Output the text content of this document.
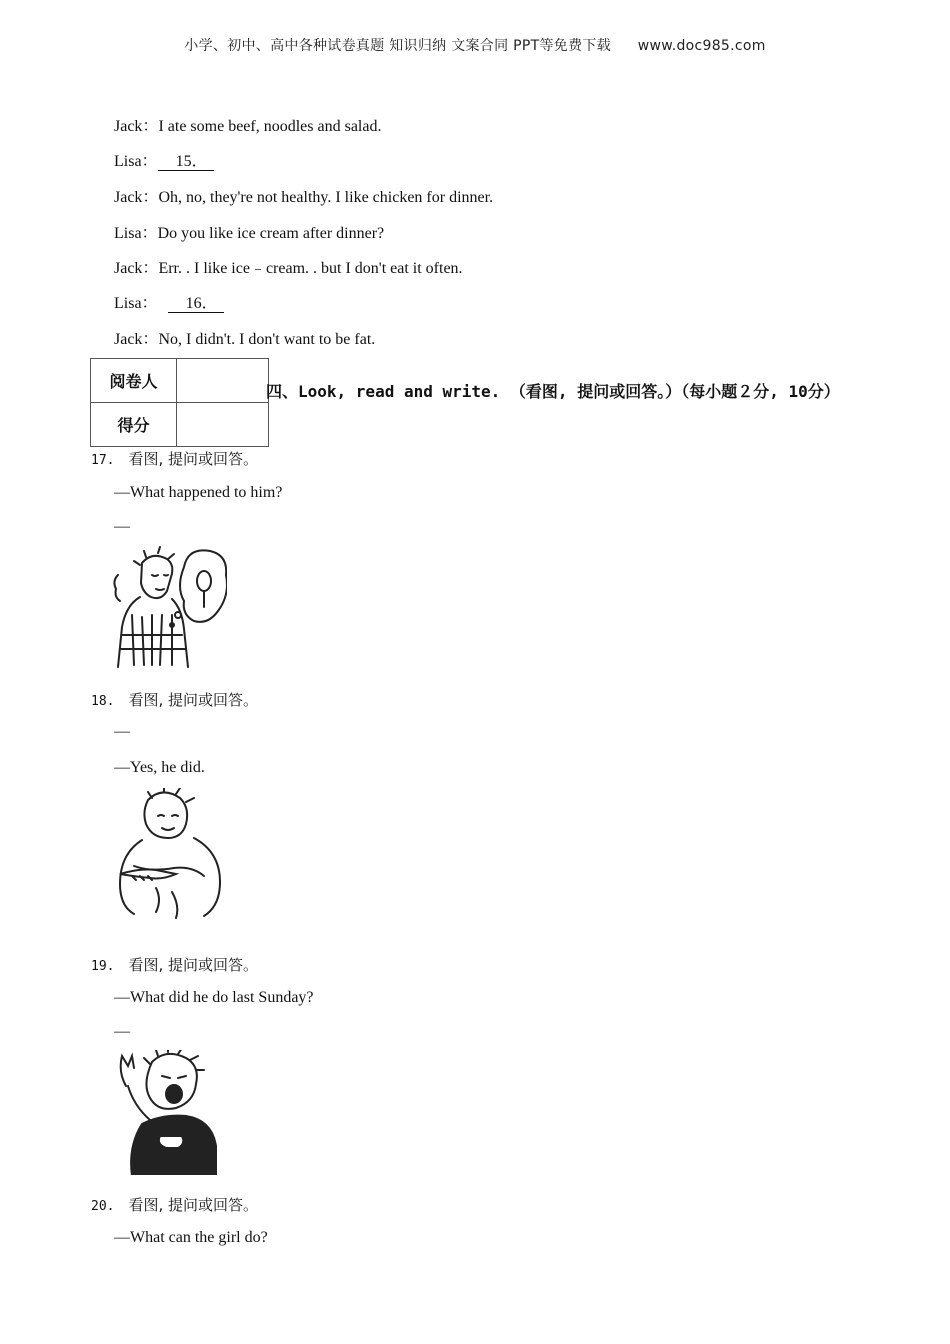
小学、初中、高中各种试卷真题 知识归纳 文案合同 PPT等免费下载 www.doc985.com
Jack：I ate some beef, noodles and salad.
Lisa： 15．
Jack：Oh, no, they're not healthy. I like chicken for dinner.
Lisa：Do you like ice cream after dinner?
Jack：Err. . I like ice﹣cream. . but I don't eat it often.
Lisa： 16．
Jack：No, I didn't. I don't want to be fat.
阅卷人	
得分	
四、Look, read and write. （看图, 提问或回答。）（每小题２分, 10分）
17. 看图, 提问或回答。
—What happened to him?
—
18. 看图, 提问或回答。
—
—Yes, he did.
19. 看图, 提问或回答。
—What did he do last Sunday?
—
20. 看图, 提问或回答。
—What can the girl do?
